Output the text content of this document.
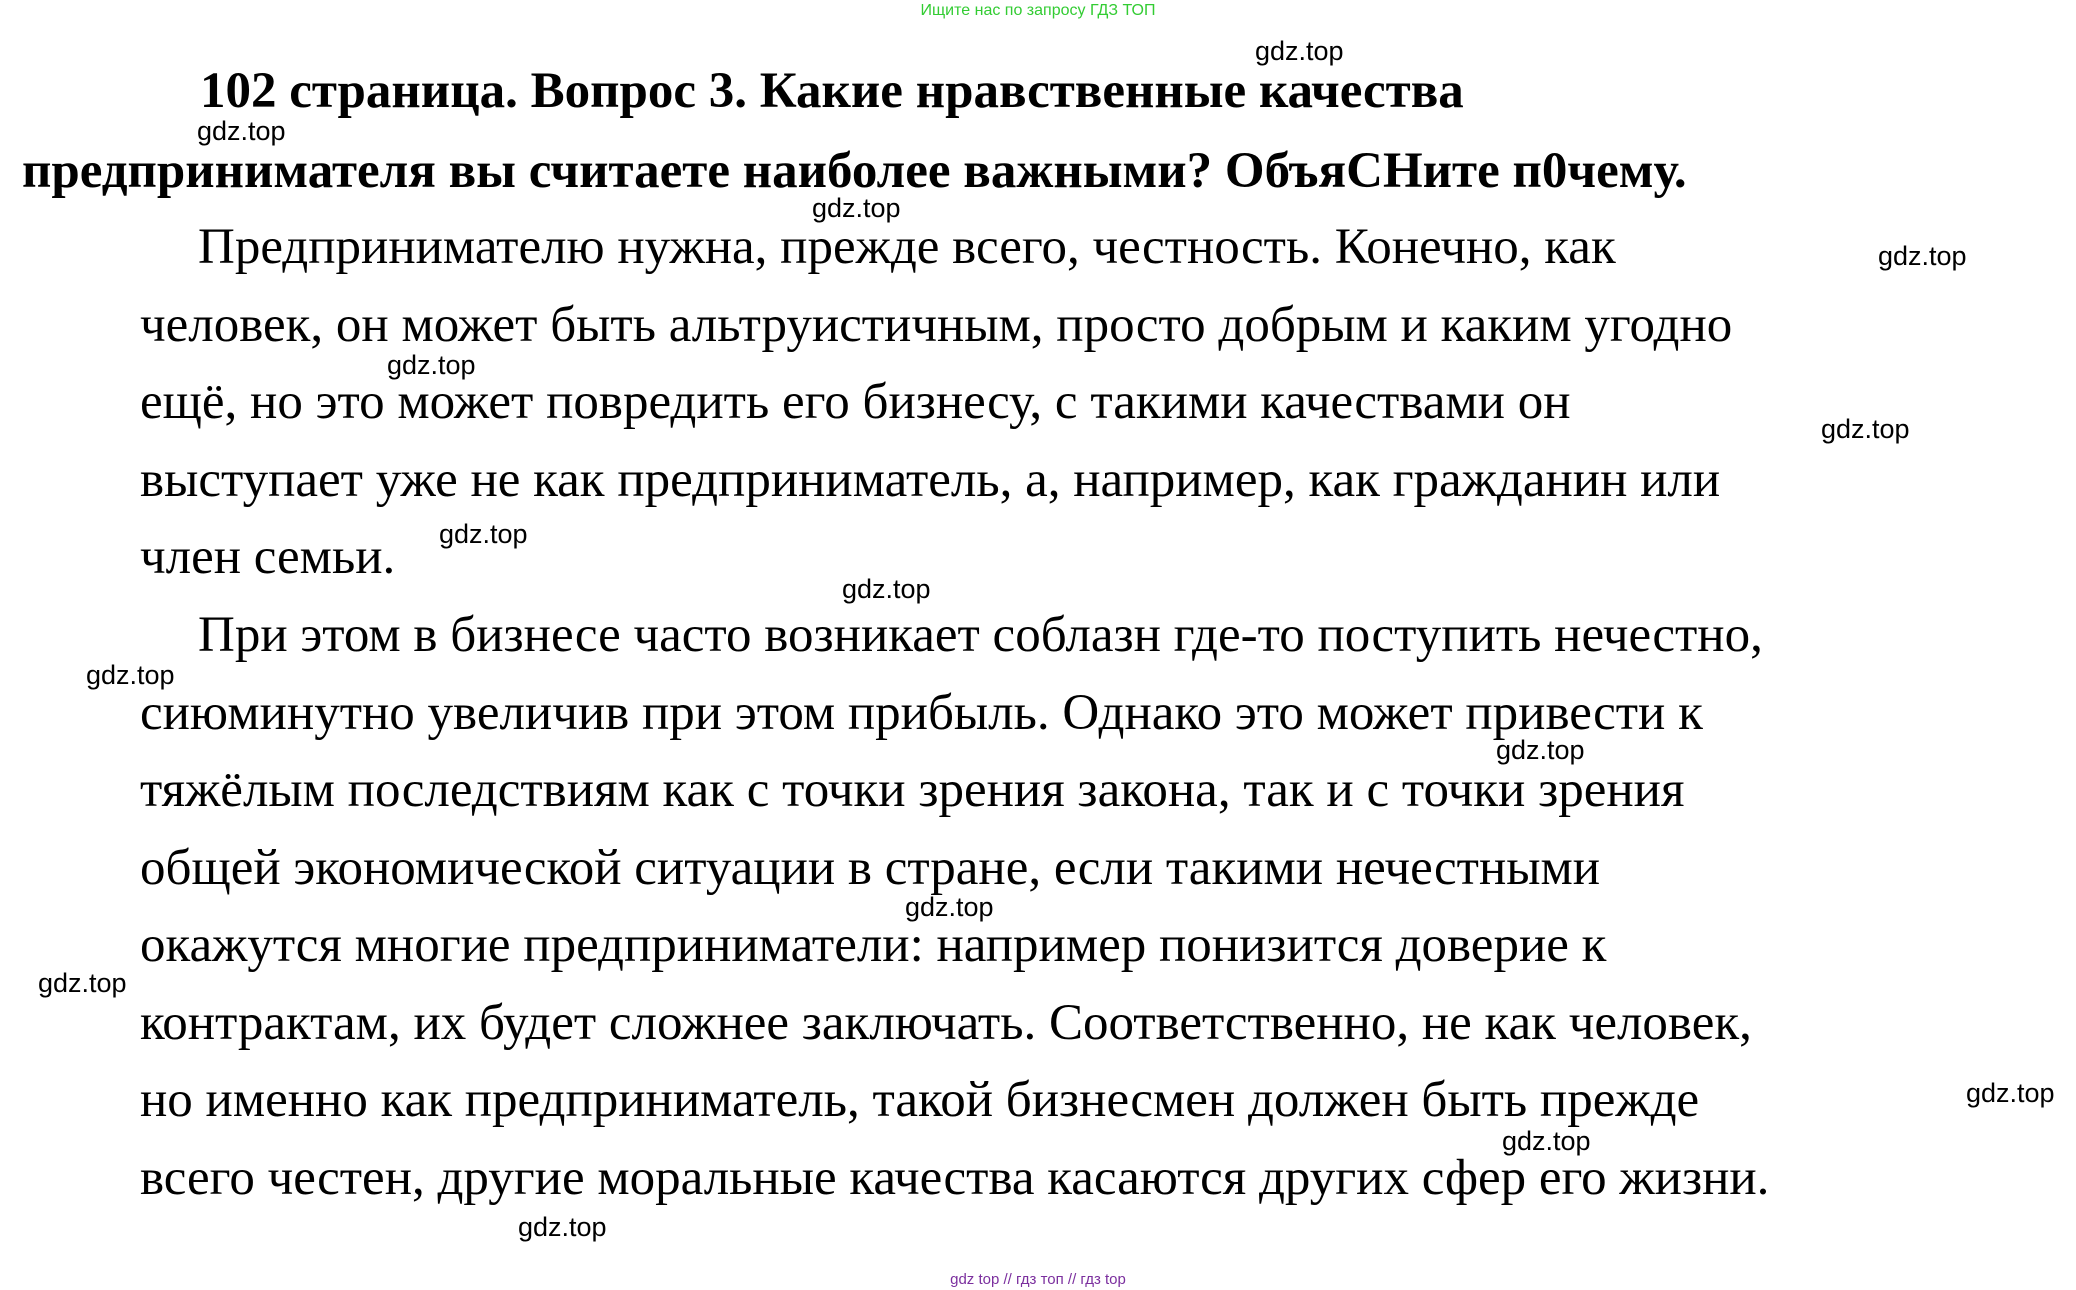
Ищите нас по запросу ГДЗ ТОП
102 страница. Вопрос 3. Какие нравственные качества
предпринимателя вы считаете наиболее важными? ОбъяСНите п0чему.
Предпринимателю нужна, прежде всего, честность. Конечно, как
человек, он может быть альтруистичным, просто добрым и каким угодно
ещё, но это может повредить его бизнесу, с такими качествами он
выступает уже не как предприниматель, а, например, как гражданин или
член семьи.
При этом в бизнесе часто возникает соблазн где-то поступить нечестно,
сиюминутно увеличив при этом прибыль. Однако это может привести к
тяжёлым последствиям как с точки зрения закона, так и с точки зрения
общей экономической ситуации в стране, если такими нечестными
окажутся многие предприниматели: например понизится доверие к
контрактам, их будет сложнее заключать. Соответственно, не как человек,
но именно как предприниматель, такой бизнесмен должен быть прежде
всего честен, другие моральные качества касаются других сфер его жизни.
gdz.top
gdz.top
gdz.top
gdz.top
gdz.top
gdz.top
gdz.top
gdz.top
gdz.top
gdz.top
gdz.top
gdz.top
gdz.top
gdz.top
gdz.top
gdz top // гдз топ // гдз top
